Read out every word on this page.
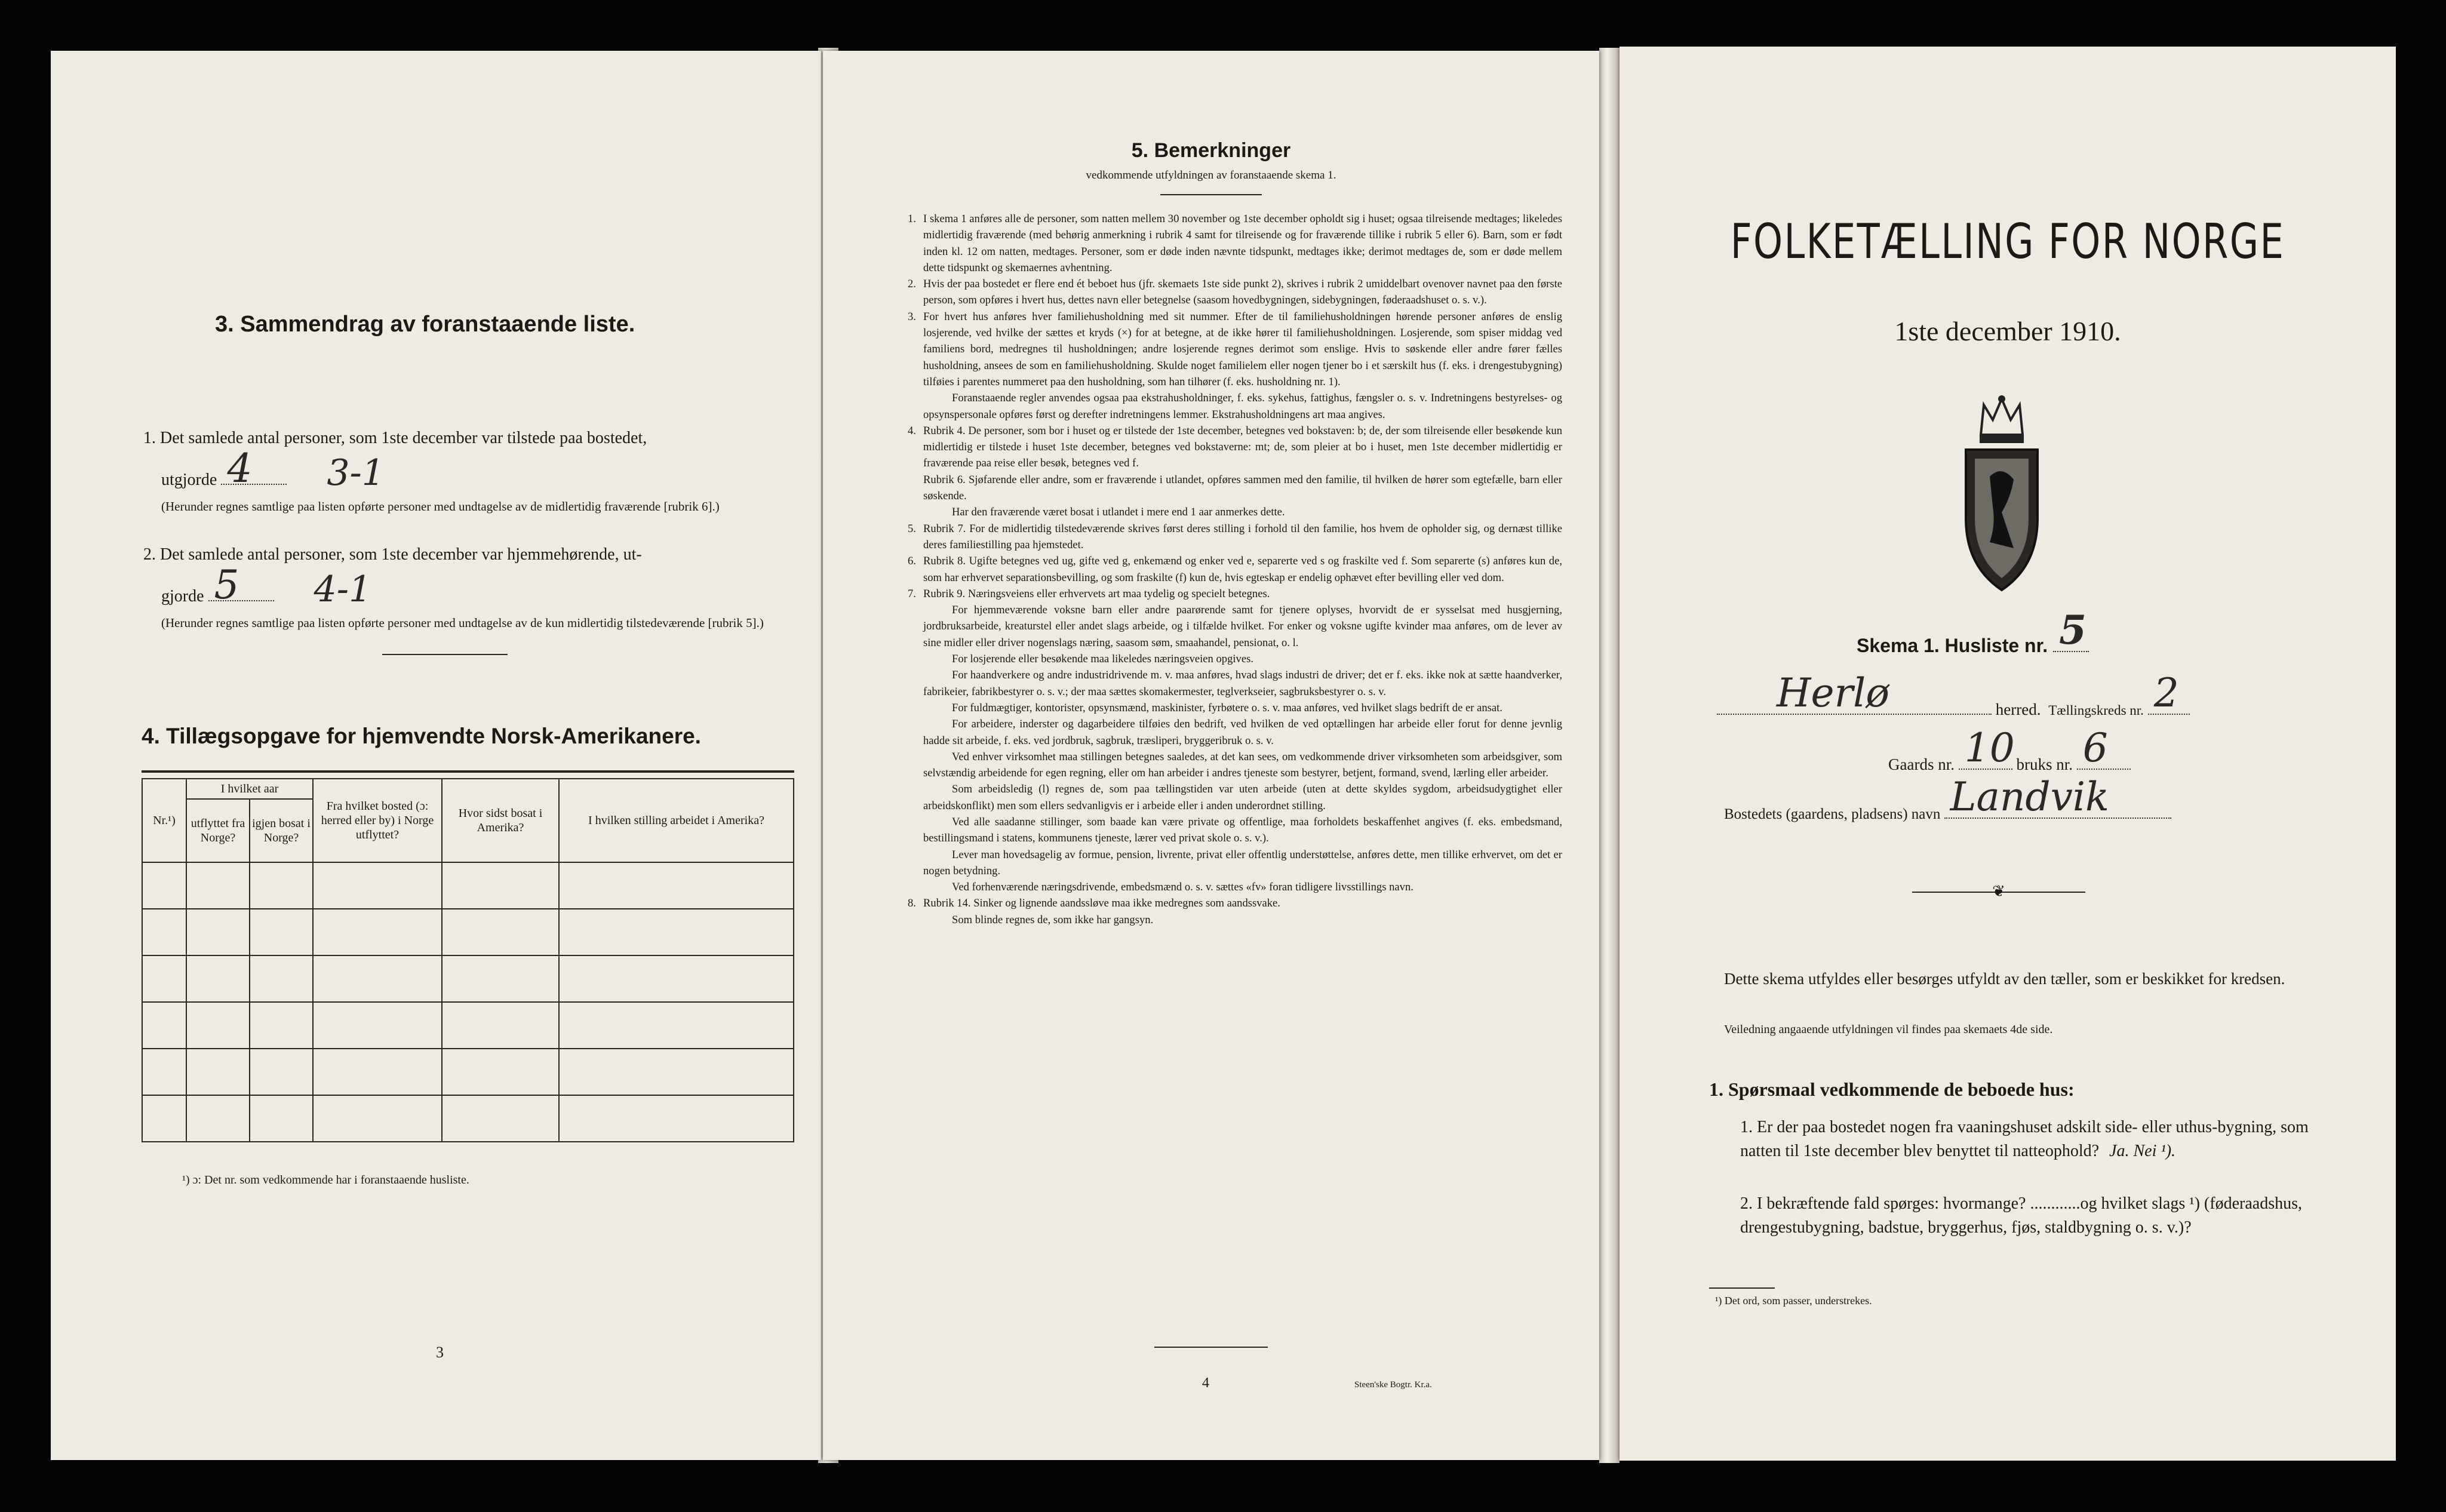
3. Sammendrag av foranstaaende liste.
1. Det samlede antal personer, som 1ste december var tilstede paa bostedet,
utgjorde 4 3-1
(Herunder regnes samtlige paa listen opførte personer med undtagelse av de midlertidig fraværende [rubrik 6].)
2. Det samlede antal personer, som 1ste december var hjemmehørende, ut-
gjorde 5 4-1
(Herunder regnes samtlige paa listen opførte personer med undtagelse av de kun midlertidig tilstedeværende [rubrik 5].)
4. Tillægsopgave for hjemvendte Norsk-Amerikanere.
Nr.¹)	I hvilket aar		Fra hvilket bosted (ɔ: herred eller by) i Norge utflyttet?	Hvor sidst bosat i Amerika?	I hvilken stilling arbeidet i Amerika?
	utflyttet fra Norge?	igjen bosat i Norge?			

¹) ɔ: Det nr. som vedkommende har i foranstaaende husliste.
3
5. Bemerkninger
vedkommende utfyldningen av foranstaaende skema 1.
1. I skema 1 anføres alle de personer, som natten mellem 30 november og 1ste december opholdt sig i huset; ogsaa tilreisende medtages; likeledes midlertidig fraværende (med behørig anmerkning i rubrik 4 samt for tilreisende og for fraværende tillike i rubrik 5 eller 6). Barn, som er født inden kl. 12 om natten, medtages. Personer, som er døde inden nævnte tidspunkt, medtages ikke; derimot medtages de, som er døde mellem dette tidspunkt og skemaernes avhentning.
2. Hvis der paa bostedet er flere end ét beboet hus (jfr. skemaets 1ste side punkt 2), skrives i rubrik 2 umiddelbart ovenover navnet paa den første person, som opføres i hvert hus, dettes navn eller betegnelse (saasom hovedbygningen, sidebygningen, føderaadshuset o. s. v.).
3. For hvert hus anføres hver familiehusholdning med sit nummer. Efter de til familiehusholdningen hørende personer anføres de enslig losjerende, ved hvilke der sættes et kryds (×) for at betegne, at de ikke hører til familiehusholdningen. Losjerende, som spiser middag ved familiens bord, medregnes til husholdningen; andre losjerende regnes derimot som enslige. Hvis to søskende eller andre fører fælles husholdning, ansees de som en familiehusholdning. Skulde noget familielem eller nogen tjener bo i et særskilt hus (f. eks. i drengestubygning) tilføies i parentes nummeret paa den husholdning, som han tilhører (f. eks. husholdning nr. 1).
Foranstaaende regler anvendes ogsaa paa ekstrahusholdninger, f. eks. sykehus, fattighus, fængsler o. s. v. Indretningens bestyrelses- og opsynspersonale opføres først og derefter indretningens lemmer. Ekstrahusholdningens art maa angives.
4. Rubrik 4. De personer, som bor i huset og er tilstede der 1ste december, betegnes ved bokstaven: b; de, der som tilreisende eller besøkende kun midlertidig er tilstede i huset 1ste december, betegnes ved bokstaverne: mt; de, som pleier at bo i huset, men 1ste december midlertidig er fraværende paa reise eller besøk, betegnes ved f.
Rubrik 6. Sjøfarende eller andre, som er fraværende i utlandet, opføres sammen med den familie, til hvilken de hører som egtefælle, barn eller søskende.
Har den fraværende været bosat i utlandet i mere end 1 aar anmerkes dette.
5. Rubrik 7. For de midlertidig tilstedeværende skrives først deres stilling i forhold til den familie, hos hvem de opholder sig, og dernæst tillike deres familiestilling paa hjemstedet.
6. Rubrik 8. Ugifte betegnes ved ug, gifte ved g, enkemænd og enker ved e, separerte ved s og fraskilte ved f. Som separerte (s) anføres kun de, som har erhvervet separationsbevilling, og som fraskilte (f) kun de, hvis egteskap er endelig ophævet efter bevilling eller ved dom.
7. Rubrik 9. Næringsveiens eller erhvervets art maa tydelig og specielt betegnes.
For hjemmeværende voksne barn eller andre paarørende samt for tjenere oplyses, hvorvidt de er sysselsat med husgjerning, jordbruksarbeide, kreaturstel eller andet slags arbeide, og i tilfælde hvilket. For enker og voksne ugifte kvinder maa anføres, om de lever av sine midler eller driver nogenslags næring, saasom søm, smaahandel, pensionat, o. l.
For losjerende eller besøkende maa likeledes næringsveien opgives.
For haandverkere og andre industridrivende m. v. maa anføres, hvad slags industri de driver; det er f. eks. ikke nok at sætte haandverker, fabrikeier, fabrikbestyrer o. s. v.; der maa sættes skomakermester, teglverkseier, sagbruksbestyrer o. s. v.
For fuldmægtiger, kontorister, opsynsmænd, maskinister, fyrbøtere o. s. v. maa anføres, ved hvilket slags bedrift de er ansat.
For arbeidere, inderster og dagarbeidere tilføies den bedrift, ved hvilken de ved optællingen har arbeide eller forut for denne jevnlig hadde sit arbeide, f. eks. ved jordbruk, sagbruk, træsliperi, bryggeribruk o. s. v.
Ved enhver virksomhet maa stillingen betegnes saaledes, at det kan sees, om vedkommende driver virksomheten som arbeidsgiver, som selvstændig arbeidende for egen regning, eller om han arbeider i andres tjeneste som bestyrer, betjent, formand, svend, lærling eller arbeider.
Som arbeidsledig (l) regnes de, som paa tællingstiden var uten arbeide (uten at dette skyldes sygdom, arbeidsudygtighet eller arbeidskonflikt) men som ellers sedvanligvis er i arbeide eller i anden underordnet stilling.
Ved alle saadanne stillinger, som baade kan være private og offentlige, maa forholdets beskaffenhet angives (f. eks. embedsmand, bestillingsmand i statens, kommunens tjeneste, lærer ved privat skole o. s. v.).
Lever man hovedsagelig av formue, pension, livrente, privat eller offentlig understøttelse, anføres dette, men tillike erhvervet, om det er nogen betydning.
Ved forhenværende næringsdrivende, embedsmænd o. s. v. sættes «fv» foran tidligere livsstillings navn.
8. Rubrik 14. Sinker og lignende aandssløve maa ikke medregnes som aandssvake.
Som blinde regnes de, som ikke har gangsyn.
4	Steen'ske Bogtr. Kr.a.
FOLKETÆLLING FOR NORGE
1ste december 1910.
Skema 1. Husliste nr. 5
Herlø	herred. Tællingskreds nr. 2
Gaards nr. 10 bruks nr. 6
Bostedets (gaardens, pladsens) navn Landvik
❦
Dette skema utfyldes eller besørges utfyldt av den tæller, som er beskikket for kredsen.
Veiledning angaaende utfyldningen vil findes paa skemaets 4de side.
1. Spørsmaal vedkommende de beboede hus:
1. Er der paa bostedet nogen fra vaaningshuset adskilt side- eller uthus-bygning, som natten til 1ste december blev benyttet til natteophold? Ja. Nei ¹).
2. I bekræftende fald spørges: hvormange? ............og hvilket slags ¹) (føderaadshus, drengestubygning, badstue, bryggerhus, fjøs, staldbygning o. s. v.)?
¹) Det ord, som passer, understrekes.
